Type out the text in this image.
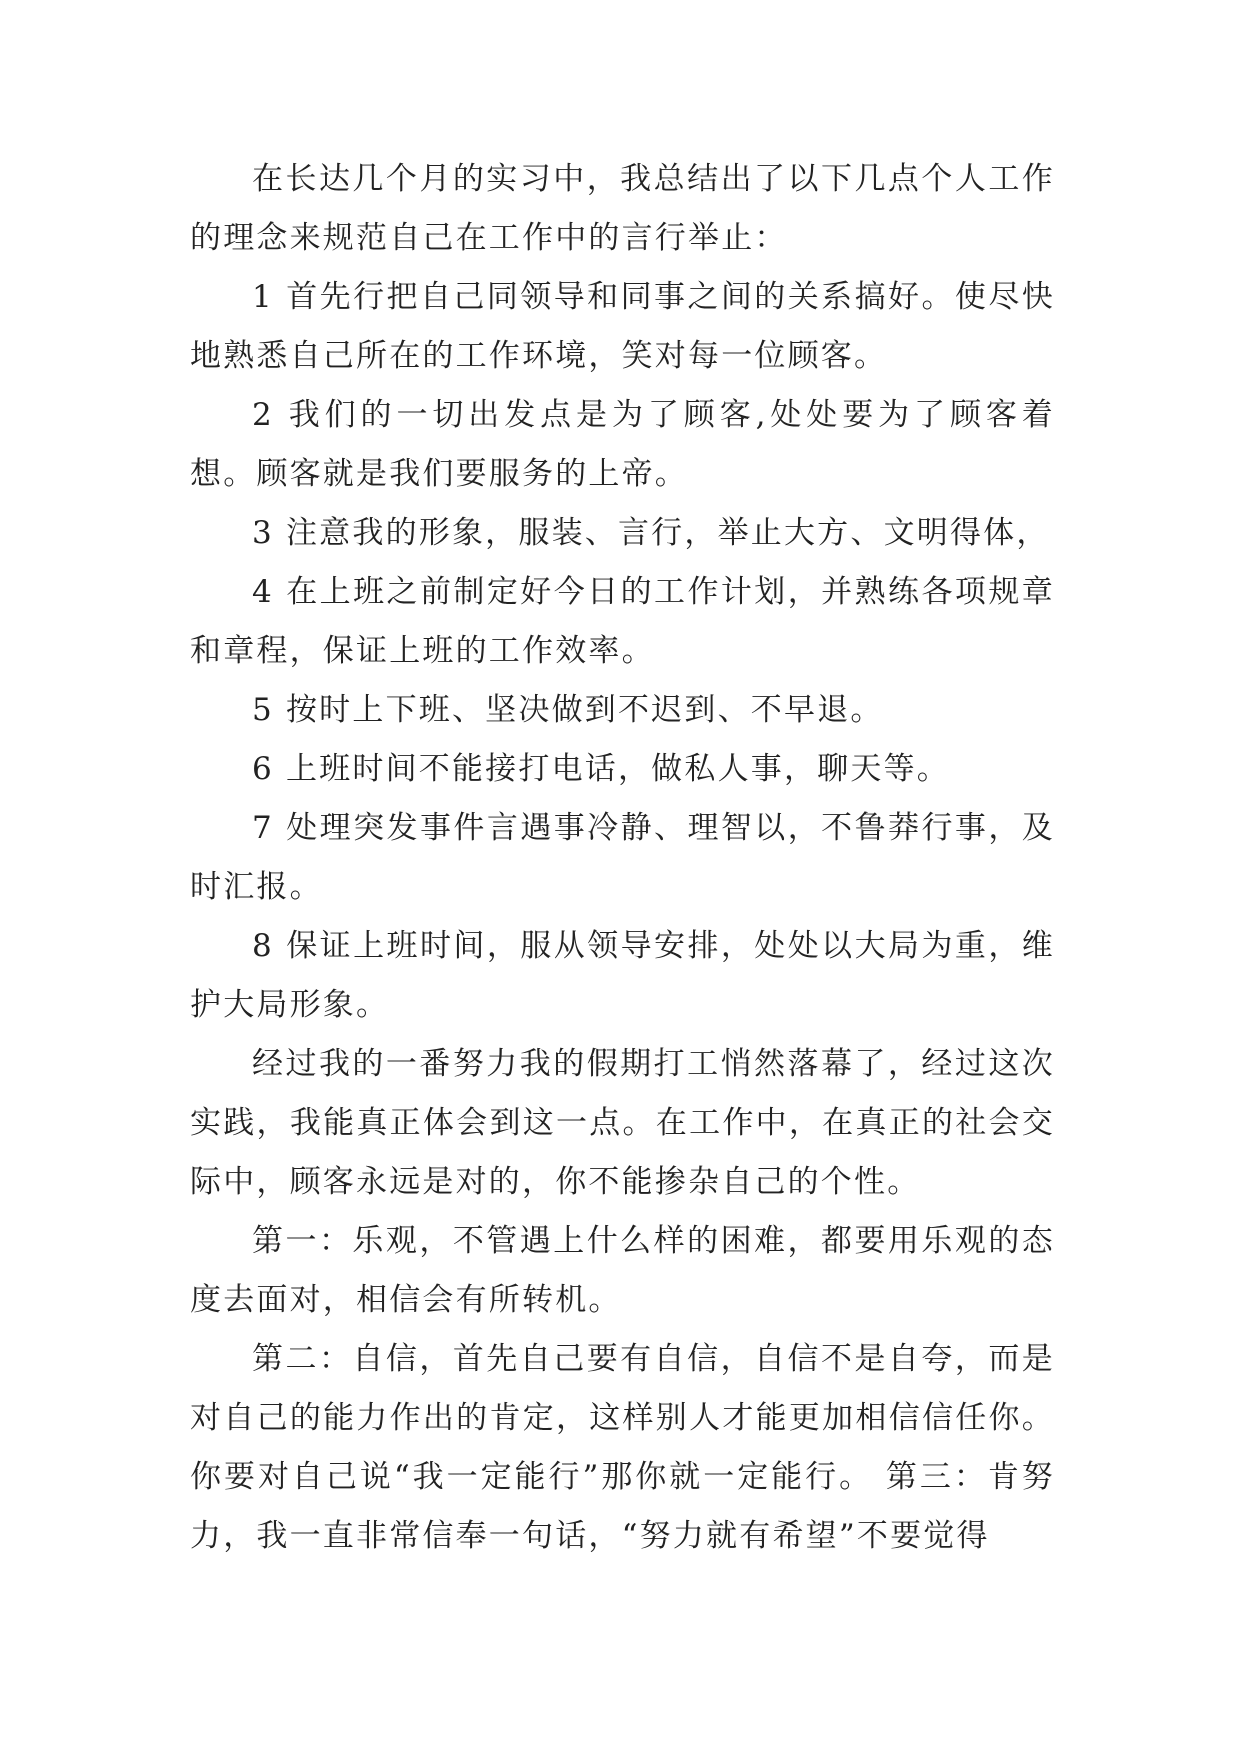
在长达几个月的实习中，我总结出了以下几点个人工作的理念来规范自己在工作中的言行举止：

1 首先行把自己同领导和同事之间的关系搞好。使尽快地熟悉自己所在的工作环境，笑对每一位顾客。

2 我们的一切出发点是为了顾客,处处要为了顾客着想。顾客就是我们要服务的上帝。

3 注意我的形象，服装、言行，举止大方、文明得体，

4 在上班之前制定好今日的工作计划，并熟练各项规章和章程，保证上班的工作效率。

5 按时上下班、坚决做到不迟到、不早退。

6 上班时间不能接打电话，做私人事，聊天等。

7 处理突发事件言遇事冷静、理智以，不鲁莽行事，及时汇报。

8 保证上班时间，服从领导安排，处处以大局为重，维护大局形象。

经过我的一番努力我的假期打工悄然落幕了，经过这次实践，我能真正体会到这一点。在工作中，在真正的社会交际中，顾客永远是对的，你不能掺杂自己的个性。

第一：乐观，不管遇上什么样的困难，都要用乐观的态度去面对，相信会有所转机。

第二：自信，首先自己要有自信，自信不是自夸，而是对自己的能力作出的肯定，这样别人才能更加相信信任你。你要对自己说“我一定能行”那你就一定能行。 第三：肯努力，我一直非常信奉一句话，“努力就有希望”不要觉得
